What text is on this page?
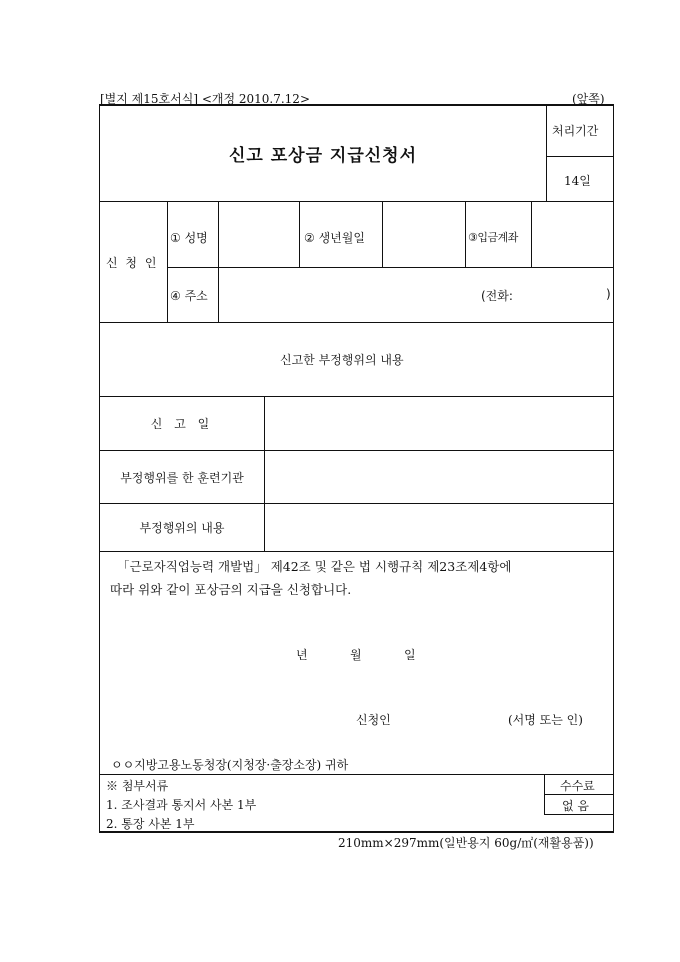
[별지 제15호서식] <개정 2010.7.12>	(앞쪽)
신고 포상금 지급신청서
처리기간
14일
신 청 인
① 성명	② 생년월일	③입금계좌
④ 주소	(전화:	)
신고한 부정행위의 내용
신 고 일
부정행위를 한 훈련기관
부정행위의 내용
「근로자직업능력 개발법」 제42조 및 같은 법 시행규칙 제23조제4항에
따라 위와 같이 포상금의 지급을 신청합니다.
년	월	일
신청인	(서명 또는 인)
ㅇㅇ지방고용노동청장(지청장·출장소장) 귀하
※ 첨부서류
1. 조사결과 통지서 사본 1부
2. 통장 사본 1부
수수료
없 음
210mm×297mm(일반용지 60g/㎡(재활용품))
